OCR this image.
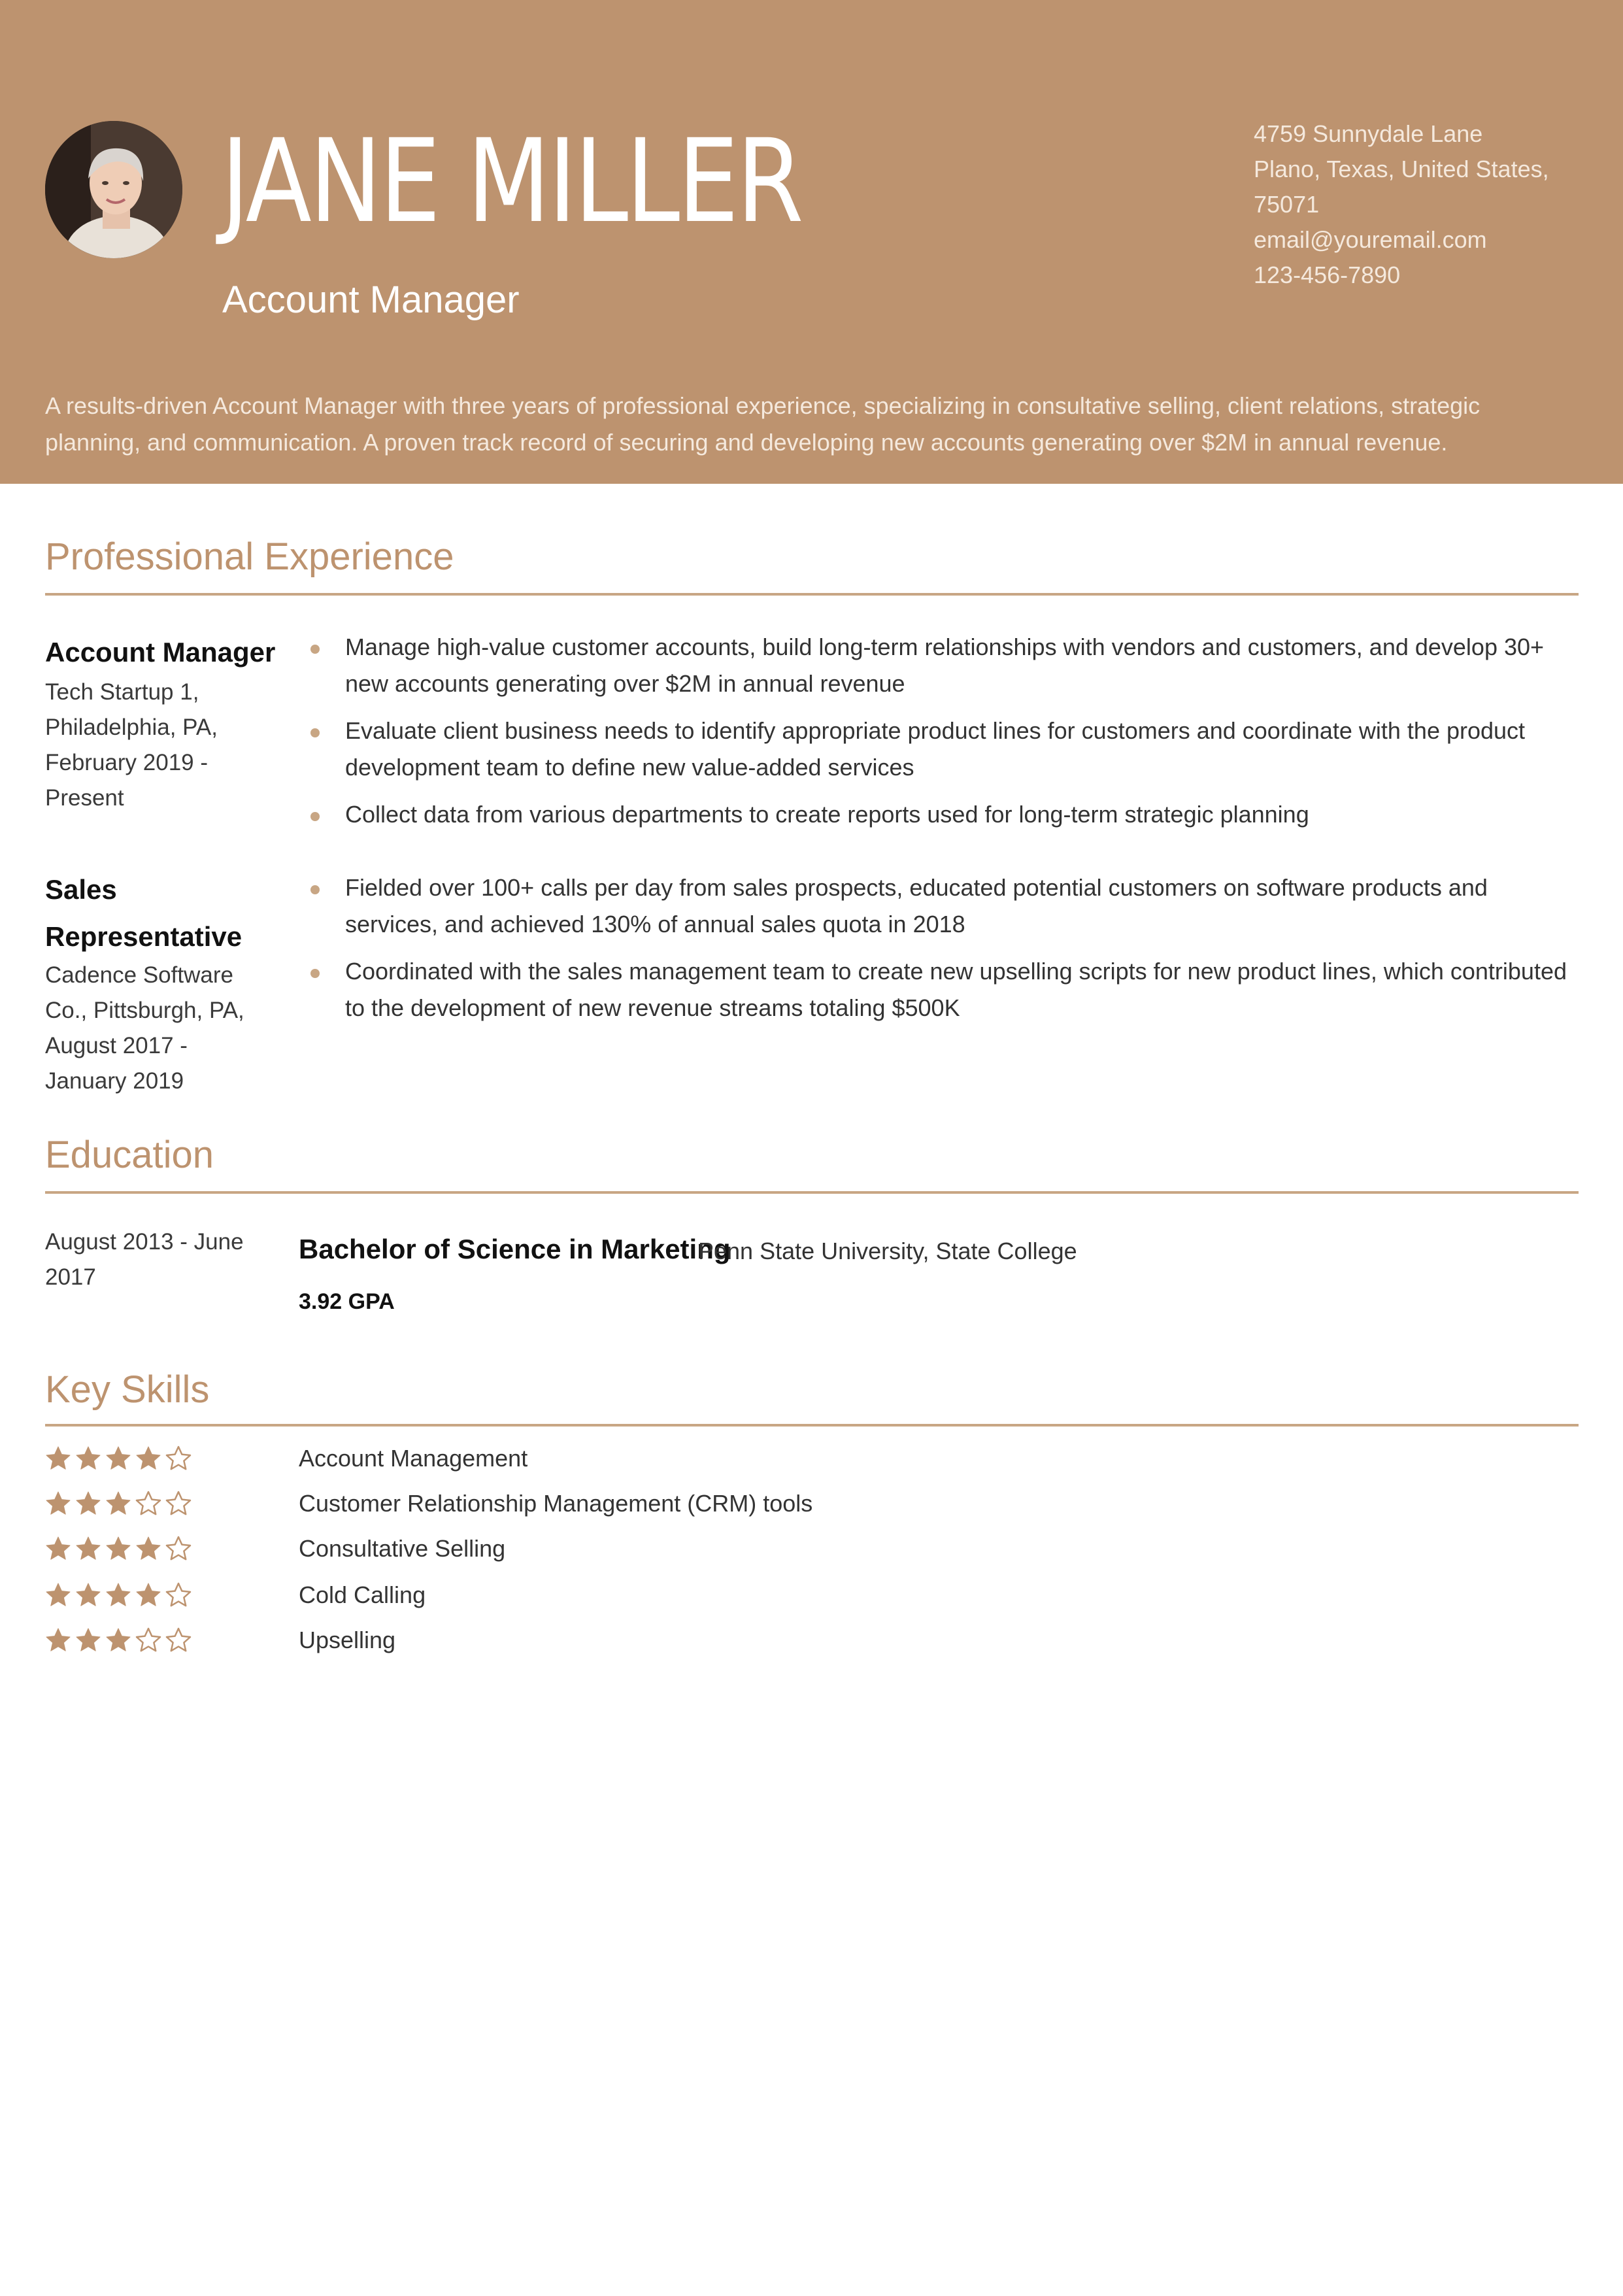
JANE MILLER
Account Manager
4759 Sunnydale Lane
Plano, Texas, United States,
75071
email@youremail.com
123-456-7890
A results-driven Account Manager with three years of professional experience, specializing in consultative selling, client relations, strategic planning, and communication. A proven track record of securing and developing new accounts generating over $2M in annual revenue.
Professional Experience
Account Manager
Tech Startup 1,
Philadelphia, PA,
February 2019 -
Present
Manage high-value customer accounts, build long-term relationships with vendors and customers, and develop 30+ new accounts generating over $2M in annual revenue
Evaluate client business needs to identify appropriate product lines for customers and coordinate with the product development team to define new value-added services
Collect data from various departments to create reports used for long-term strategic planning
Sales
Representative
Cadence Software
Co., Pittsburgh, PA,
August 2017 -
January 2019
Fielded over 100+ calls per day from sales prospects, educated potential customers on software products and services, and achieved 130% of annual sales quota in 2018
Coordinated with the sales management team to create new upselling scripts for new product lines, which contributed to the development of new revenue streams totaling $500K
Education
August 2013 - June
2017
Bachelor of Science in Marketing
Penn State University, State College
3.92 GPA
Key Skills
Account Management
Customer Relationship Management (CRM) tools
Consultative Selling
Cold Calling
Upselling
